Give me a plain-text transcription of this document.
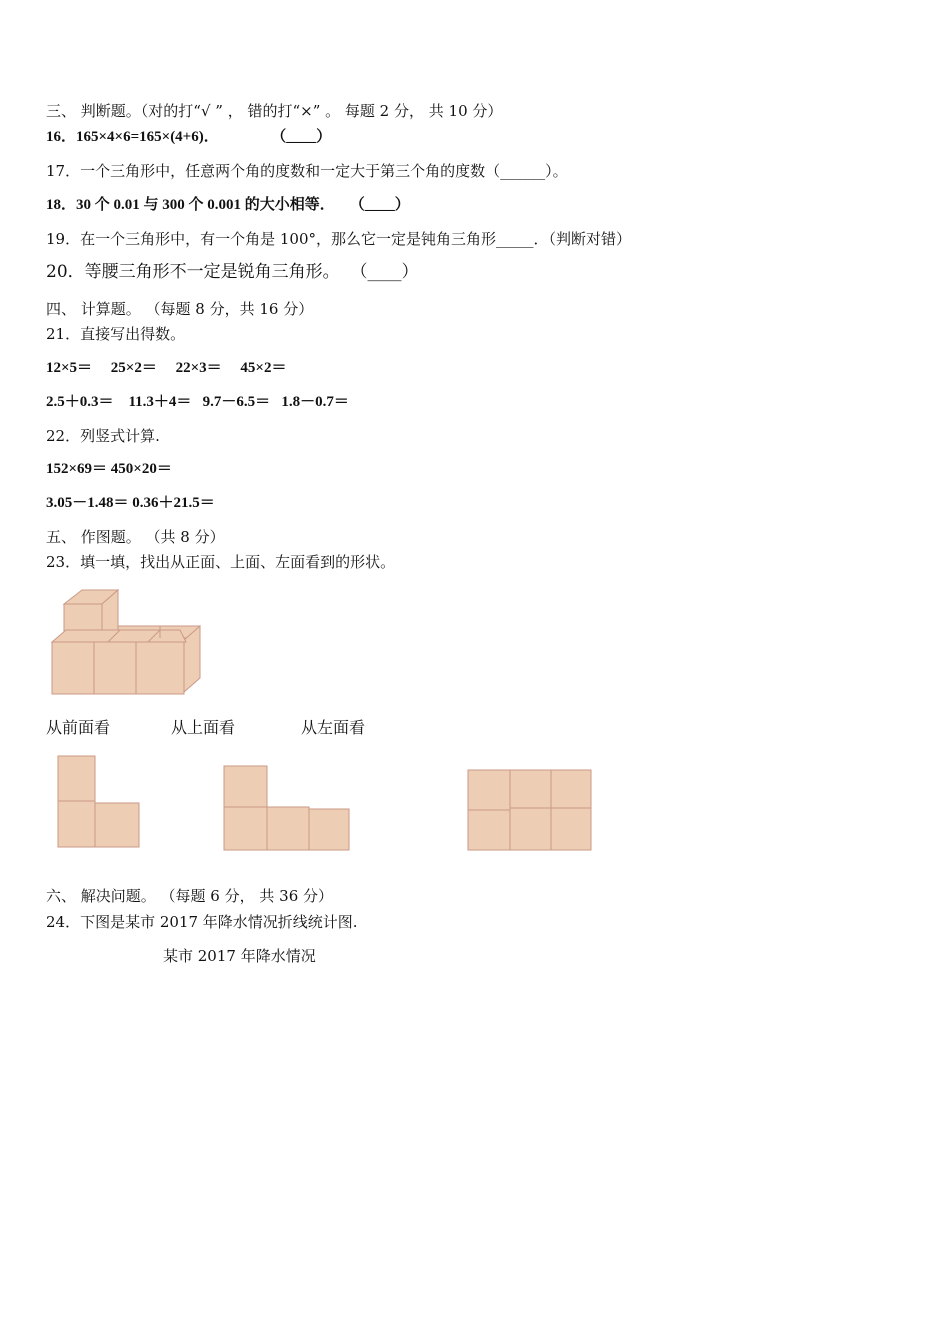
三、 判断题。（对的打“√ ” ， 错的打“×” 。 每题 2 分， 共 10 分）
16．165×4×6=165×(4+6)．              （____）
17．一个三角形中，任意两个角的度数和一定大于第三个角的度数（______）。
18．30 个 0.01 与 300 个 0.001 的大小相等．    （____）
19．在一个三角形中，有一个角是 100°，那么它一定是钝角三角形_____．（判断对错）
20．等腰三角形不一定是锐角三角形。  （____）
四、 计算题。 （每题 8 分，共 16 分）
21．直接写出得数。
12×5＝     25×2＝     22×3＝     45×2＝
2.5＋0.3＝    11.3＋4＝   9.7－6.5＝   1.8－0.7＝
22．列竖式计算.
152×69＝ 450×20＝
3.05－1.48＝ 0.36＋21.5＝
五、 作图题。 （共 8 分）
23．填一填，找出从正面、上面、左面看到的形状。
从前面看	从上面看	从左面看
六、 解决问题。 （每题 6 分， 共 36 分）
24．下图是某市 2017 年降水情况折线统计图.
某市 2017 年降水情况
